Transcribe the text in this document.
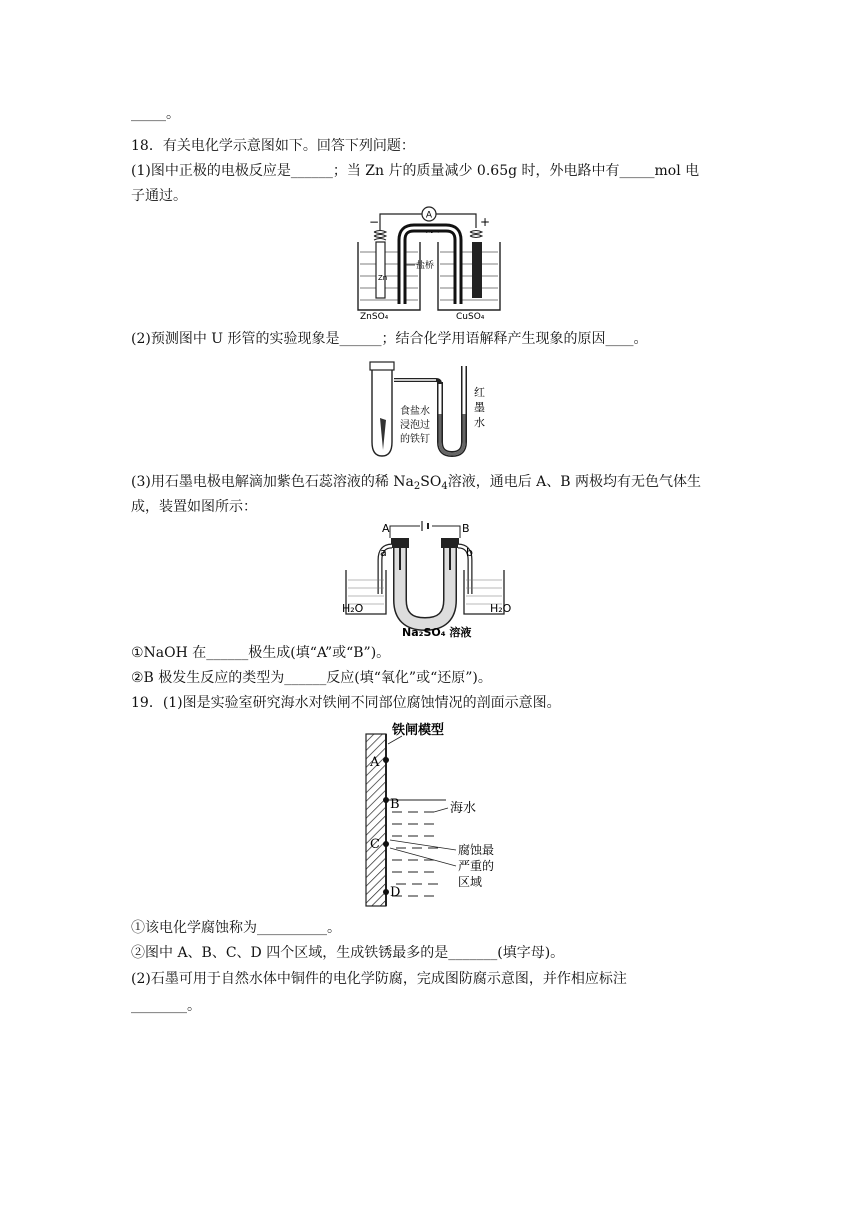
_____。
18．有关电化学示意图如下。回答下列问题：
(1)图中正极的电极反应是______；当 Zn 片的质量减少 0.65g 时，外电路中有_____mol 电
子通过。
(2)预测图中 U 形管的实验现象是______；结合化学用语解释产生现象的原因____。
(3)用石墨电极电解滴加紫色石蕊溶液的稀 $Na_2SO_4$溶液，通电后 A、B 两极均有无色气体生
成，装置如图所示：
①NaOH 在______极生成(填“A”或“B”)。
②B 极发生反应的类型为______反应(填“氧化”或“还原”)。
19．(1)图是实验室研究海水对铁闸不同部位腐蚀情况的剖面示意图。
①该电化学腐蚀称为__________。
②图中 A、B、C、D 四个区域，生成铁锈最多的是_______(填字母)。
(2)石墨可用于自然水体中铜件的电化学防腐，完成图防腐示意图，并作相应标注
________。
A
电流计
−	+
Zn
盐桥
ZnSO₄	CuSO₄
食盐水
浸泡过
的铁钉
红
墨
水
A	B
a	b
H₂O	H₂O
Na₂SO₄ 溶液
铁闸模型
A
B
C
D
海水
腐蚀最
严重的
区域
